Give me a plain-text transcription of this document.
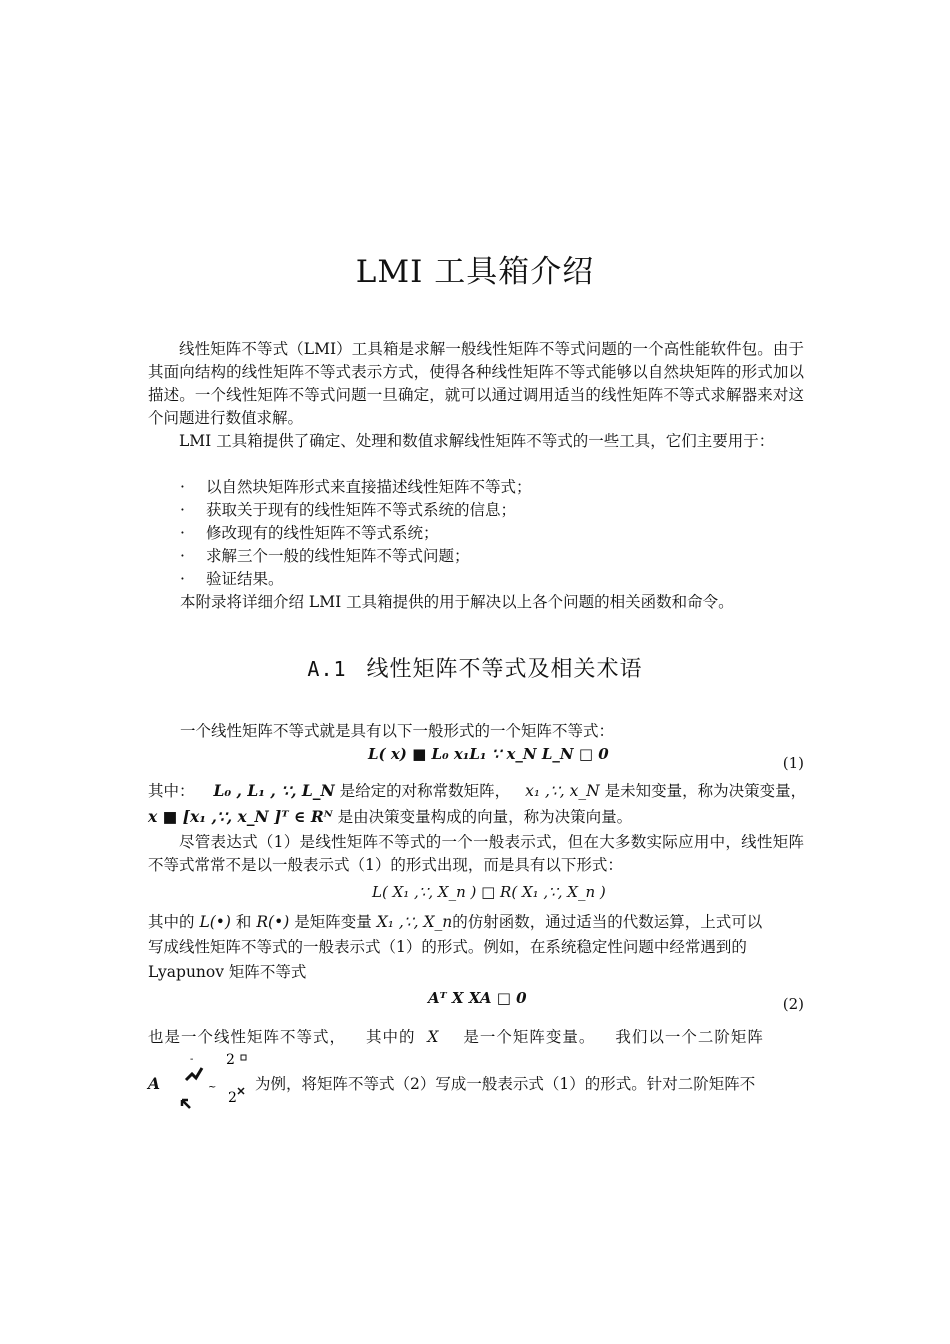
LMI 工具箱介绍
线性矩阵不等式（LMI）工具箱是求解一般线性矩阵不等式问题的一个高性能软件包。由于其面向结构的线性矩阵不等式表示方式，使得各种线性矩阵不等式能够以自然块矩阵的形式加以描述。一个线性矩阵不等式问题一旦确定，就可以通过调用适当的线性矩阵不等式求解器来对这个问题进行数值求解。
LMI 工具箱提供了确定、处理和数值求解线性矩阵不等式的一些工具，它们主要用于：
· 以自然块矩阵形式来直接描述线性矩阵不等式；
· 获取关于现有的线性矩阵不等式系统的信息；
· 修改现有的线性矩阵不等式系统；
· 求解三个一般的线性矩阵不等式问题；
· 验证结果。
本附录将详细介绍 LMI 工具箱提供的用于解决以上各个问题的相关函数和命令。
A.1 线性矩阵不等式及相关术语
一个线性矩阵不等式就是具有以下一般形式的一个矩阵不等式：
L( x) ■ L₀ x₁L₁ ∵ x_N L_N □ 0	(1)
其中： L₀ , L₁ , ∵, L_N 是给定的对称常数矩阵， x₁ ,∵, x_N 是未知变量，称为决策变量，
x ■ [x₁ ,∵, x_N ]ᵀ ∈ Rᴺ 是由决策变量构成的向量，称为决策向量。
尽管表达式（1）是线性矩阵不等式的一个一般表示式，但在大多数实际应用中，线性矩阵不等式常常不是以一般表示式（1）的形式出现，而是具有以下形式：
L( X₁ ,∵, X_n ) □ R( X₁ ,∵, X_n )
其中的 L(•) 和 R(•) 是矩阵变量 X₁ ,∵, X_n的仿射函数，通过适当的代数运算，上式可以
写成线性矩阵不等式的一般表示式（1）的形式。例如，在系统稳定性问题中经常遇到的
Lyapunov 矩阵不等式
Aᵀ X XA □ 0	(2)
也是一个线性矩阵不等式， 其中的 X 是一个矩阵变量。 我们以一个二阶矩阵
2
-
~
2
A	为例，将矩阵不等式（2）写成一般表示式（1）的形式。针对二阶矩阵不
